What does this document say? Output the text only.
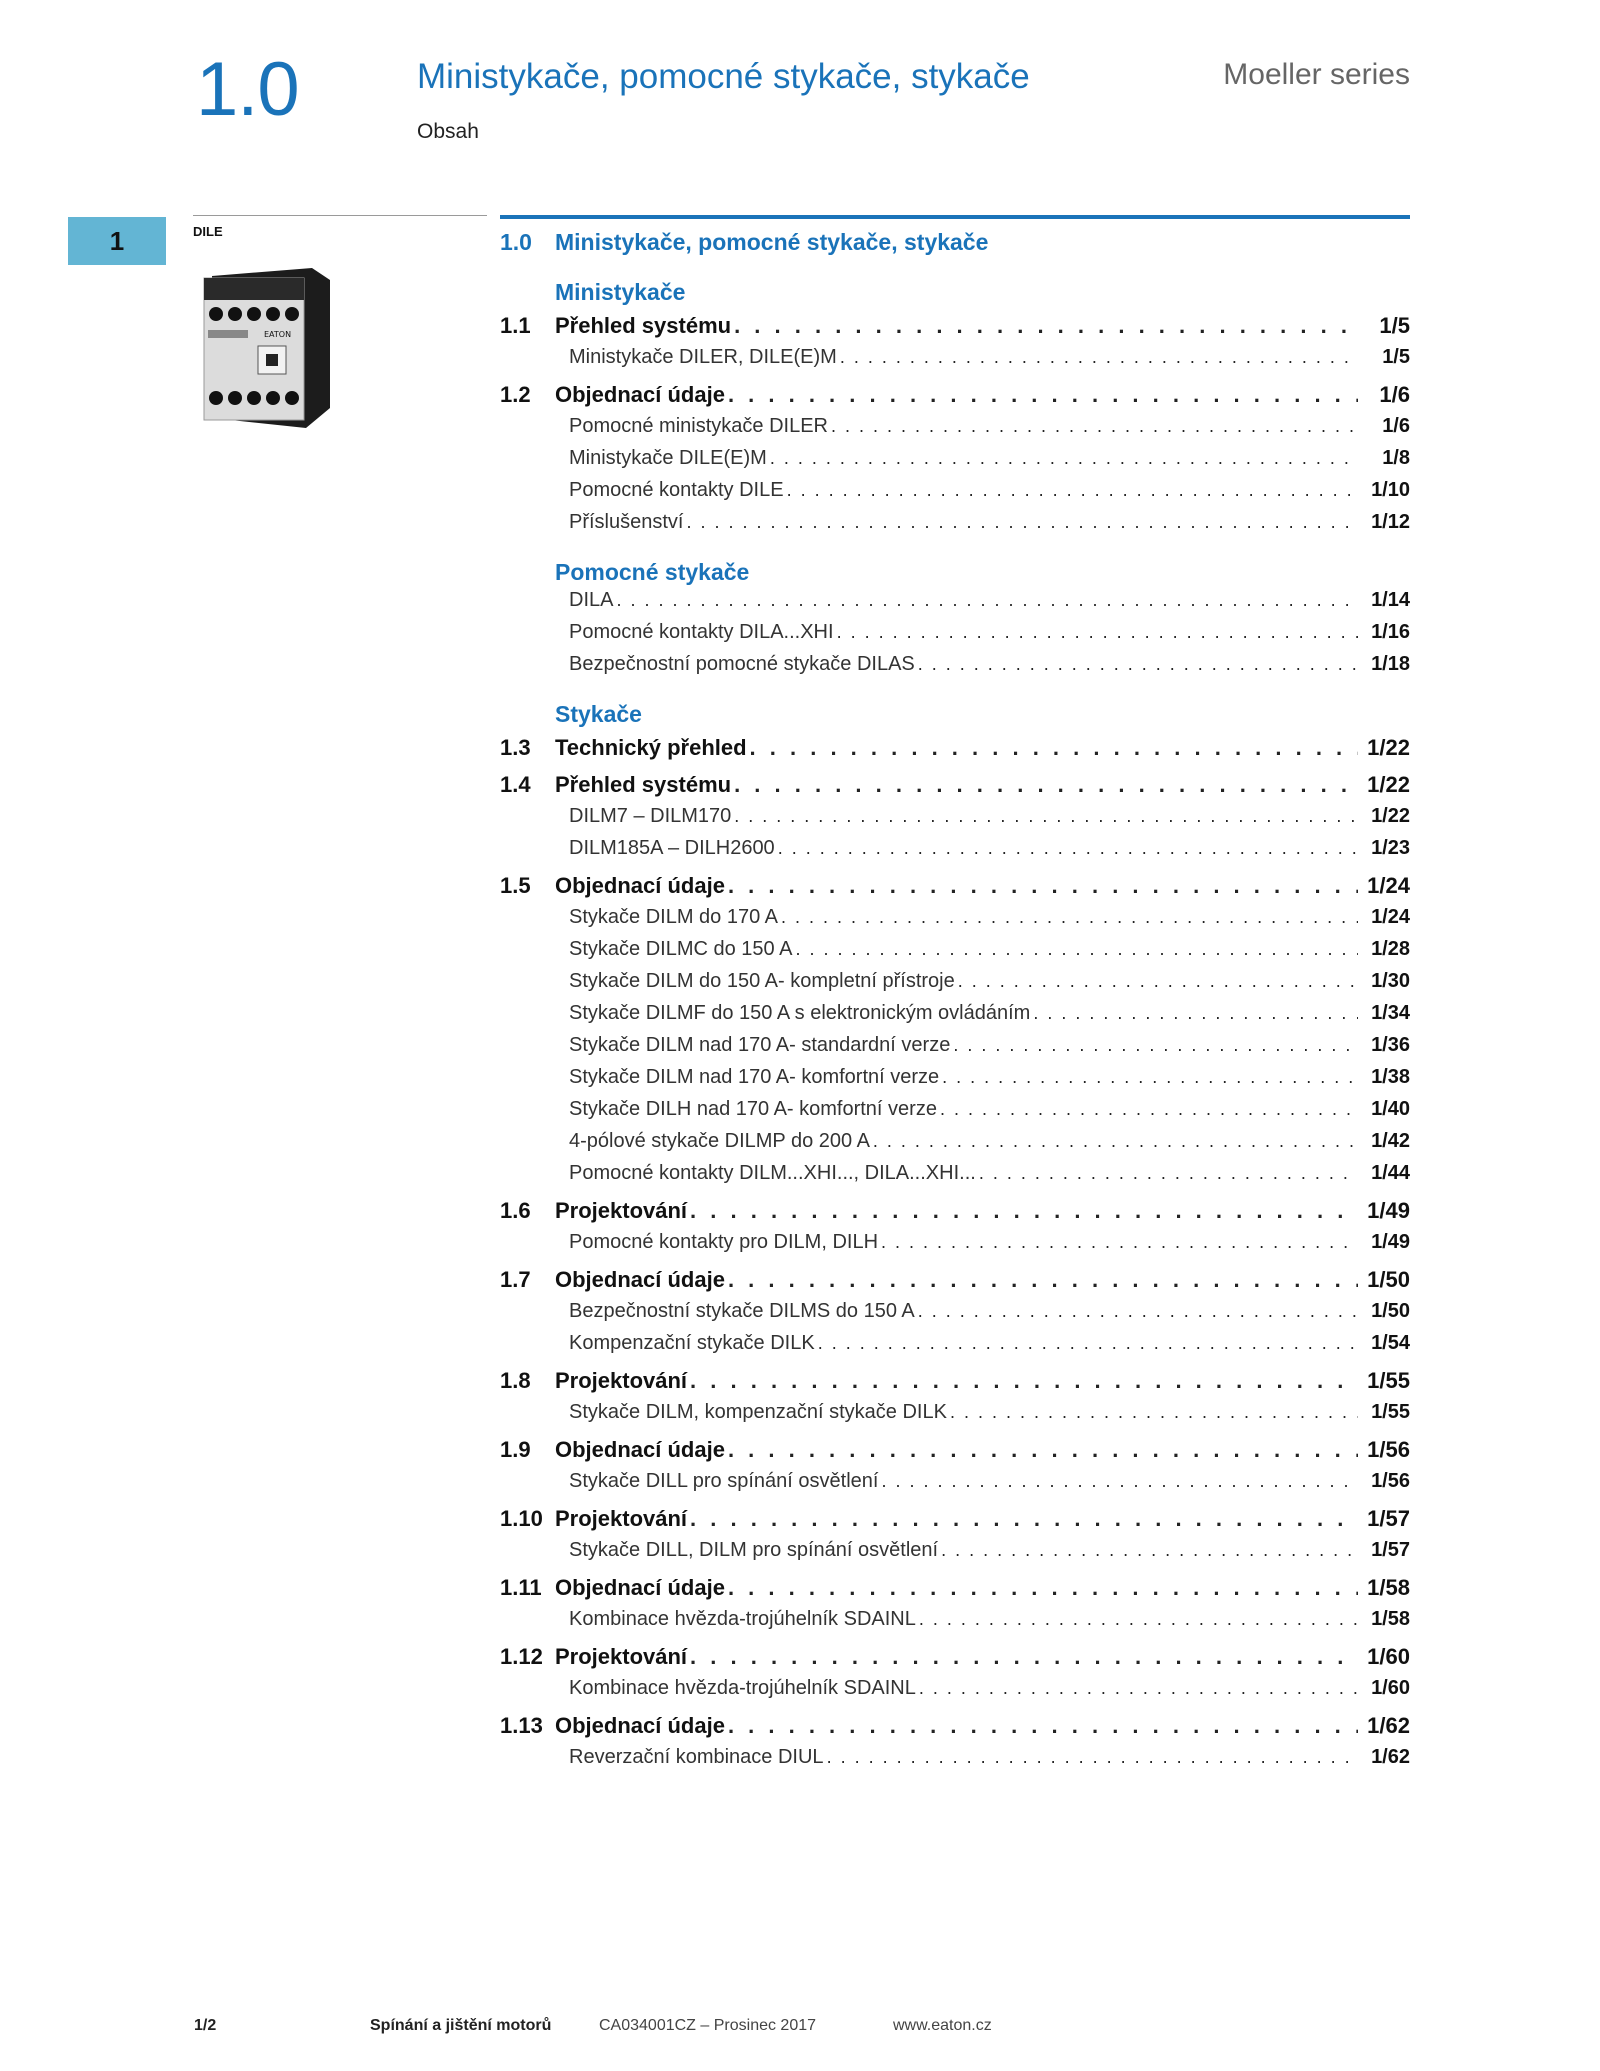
1.0	Ministykače, pomocné stykače, stykače
Obsah
Moeller series
1	DILE
EATON
1.0	Ministykače, pomocné stykače, stykače
Ministykače
1.1	Přehled systému . . .	1/5
Ministykače DILER, DILE(E)M . . .	1/5
1.2	Objednací údaje . . .	1/6
Pomocné ministykače DILER . . .	1/6
Ministykače DILE(E)M . . .	1/8
Pomocné kontakty DILE . . .	1/10
Příslušenství . . .	1/12
Pomocné stykače
DILA . . .	1/14
Pomocné kontakty DILA...XHI . . .	1/16
Bezpečnostní pomocné stykače DILAS . . .	1/18
Stykače
1.3	Technický přehled . . .	1/22
1.4	Přehled systému . . .	1/22
DILM7 – DILM170 . . .	1/22
DILM185A – DILH2600 . . .	1/23
1.5	Objednací údaje . . .	1/24
Stykače DILM do 170 A . . .	1/24
Stykače DILMC do 150 A . . .	1/28
Stykače DILM do 150 A- kompletní přístroje . . .	1/30
Stykače DILMF do 150 A s elektronickým ovládáním . . .	1/34
Stykače DILM nad 170 A- standardní verze . . .	1/36
Stykače DILM nad 170 A- komfortní verze . . .	1/38
Stykače DILH nad 170 A- komfortní verze . . .	1/40
4-pólové stykače DILMP do 200 A . . .	1/42
Pomocné kontakty DILM...XHI..., DILA...XHI... . . .	1/44
1.6	Projektování . . .	1/49
Pomocné kontakty pro DILM, DILH . . .	1/49
1.7	Objednací údaje . . .	1/50
Bezpečnostní stykače DILMS do 150 A . . .	1/50
Kompenzační stykače DILK . . .	1/54
1.8	Projektování . . .	1/55
Stykače DILM, kompenzační stykače DILK . . .	1/55
1.9	Objednací údaje . . .	1/56
Stykače DILL pro spínání osvětlení . . .	1/56
1.10 Projektování . . .	1/57
Stykače DILL, DILM pro spínání osvětlení . . .	1/57
1.11 Objednací údaje . . .	1/58
Kombinace hvězda-trojúhelník SDAINL . . .	1/58
1.12 Projektování . . .	1/60
Kombinace hvězda-trojúhelník SDAINL . . .	1/60
1.13 Objednací údaje . . .	1/62
Reverzační kombinace DIUL . . .	1/62
1/2	Spínání a jištění motorů	CA034001CZ – Prosinec 2017	www.eaton.cz
